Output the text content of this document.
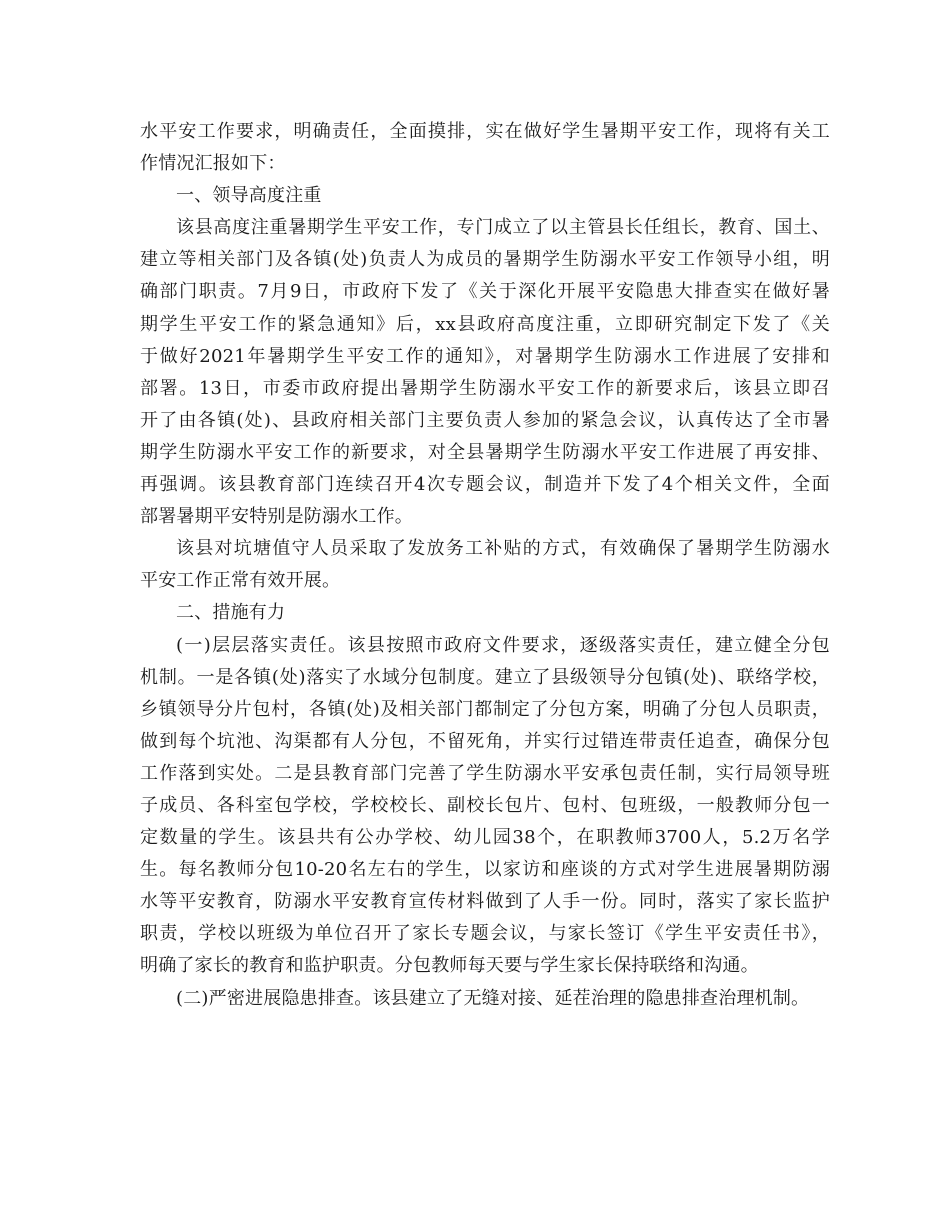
水平安工作要求，明确责任，全面摸排，实在做好学生暑期平安工作，现将有关工
作情况汇报如下：
一、领导高度注重
该县高度注重暑期学生平安工作，专门成立了以主管县长任组长，教育、国土、
建立等相关部门及各镇(处)负责人为成员的暑期学生防溺水平安工作领导小组，明
确部门职责。7月9日，市政府下发了《关于深化开展平安隐患大排查实在做好暑
期学生平安工作的紧急通知》后，xx县政府高度注重，立即研究制定下发了《关
于做好2021年暑期学生平安工作的通知》，对暑期学生防溺水工作进展了安排和
部署。13日，市委市政府提出暑期学生防溺水平安工作的新要求后，该县立即召
开了由各镇(处)、县政府相关部门主要负责人参加的紧急会议，认真传达了全市暑
期学生防溺水平安工作的新要求，对全县暑期学生防溺水平安工作进展了再安排、
再强调。该县教育部门连续召开4次专题会议，制造并下发了4个相关文件，全面
部署暑期平安特别是防溺水工作。
该县对坑塘值守人员采取了发放务工补贴的方式，有效确保了暑期学生防溺水
平安工作正常有效开展。
二、措施有力
(一)层层落实责任。该县按照市政府文件要求，逐级落实责任，建立健全分包
机制。一是各镇(处)落实了水域分包制度。建立了县级领导分包镇(处)、联络学校，
乡镇领导分片包村，各镇(处)及相关部门都制定了分包方案，明确了分包人员职责，
做到每个坑池、沟渠都有人分包，不留死角，并实行过错连带责任追查，确保分包
工作落到实处。二是县教育部门完善了学生防溺水平安承包责任制，实行局领导班
子成员、各科室包学校，学校校长、副校长包片、包村、包班级，一般教师分包一
定数量的学生。该县共有公办学校、幼儿园38个，在职教师3700人，5.2万名学
生。每名教师分包10-20名左右的学生，以家访和座谈的方式对学生进展暑期防溺
水等平安教育，防溺水平安教育宣传材料做到了人手一份。同时，落实了家长监护
职责，学校以班级为单位召开了家长专题会议，与家长签订《学生平安责任书》，
明确了家长的教育和监护职责。分包教师每天要与学生家长保持联络和沟通。
(二)严密进展隐患排查。该县建立了无缝对接、延茬治理的隐患排查治理机制。
